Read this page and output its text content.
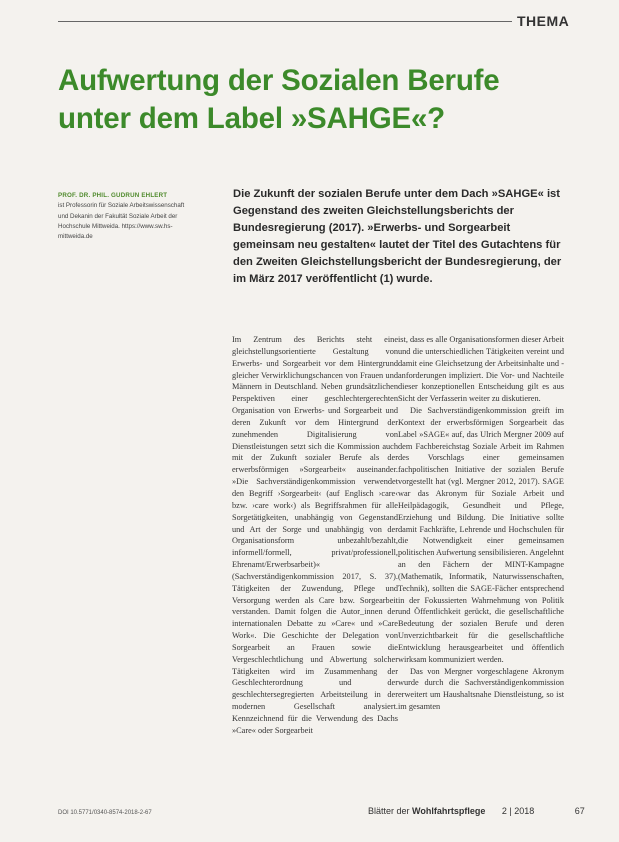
THEMA
Aufwertung der Sozialen Berufe
unter dem Label »SAHGE«?
PROF. DR. PHIL. GUDRUN EHLERT
ist Professorin für Soziale Arbeitswissenschaft und Dekanin der Fakultät Soziale Arbeit der Hochschule Mittweida. https://www.sw.hs-mittweida.de

Die Zukunft der sozialen Berufe unter dem Dach »SAHGE« ist Gegenstand des zweiten Gleichstellungsberichts der Bundesregierung (2017). »Erwerbs- und Sorgearbeit gemeinsam neu gestalten« lautet der Titel des Gutachtens für den Zweiten Gleichstellungsbericht der Bundesregierung, der im März 2017 veröffentlicht (1) wurde.

Im Zentrum des Berichts steht eine gleichstellungsorientierte Gestaltung von Erwerbs- und Sorgearbeit vor dem Hintergrund gleicher Verwirklichungschancen von Frauen und Männern in Deutschland. Neben grundsätzlichen Perspektiven einer geschlechtergerechten Organisation von Erwerbs- und Sorgearbeit und deren Zukunft vor dem Hintergrund der zunehmenden Digitalisierung von Dienstleistungen setzt sich die Kommission auch mit der Zukunft sozialer Berufe als der erwerbsförmigen »Sorgearbeit« auseinander. »Die Sachverständigenkommission verwendet den Begriff ›Sorgearbeit‹ (auf Englisch ›care‹ bzw. ›care work‹) als Begriffsrahmen für alle Sorgetätigkeiten, unabhängig von Gegenstand und Art der Sorge und unabhängig von der Organisationsform unbezahlt/bezahlt, informell/formell, privat/professionell, Ehrenamt/Erwerbsarbeit)« (Sachverständigenkommission 2017, S. 37). Tätigkeiten der Zuwendung, Pflege und Versorgung werden als Care bzw. Sorgearbeit verstanden. Damit folgen die Autor_innen der internationalen Debatte zu »Care« und »Care Work«. Die Geschichte der Delegation von Sorgearbeit an Frauen sowie die Vergeschlechtlichung und Abwertung solcher Tätigkeiten wird im Zusammenhang der Geschlechterordnung und der geschlechtersegregierten Arbeitsteilung in der modernen Gesellschaft analysiert. Kennzeichnend für die Verwendung des Dachs »Care« oder Sorgearbeit

ist, dass es alle Organisationsformen dieser Arbeit und die unterschiedlichen Tätigkeiten vereint und damit eine Gleichsetzung der Arbeitsinhalte und -anforderungen impliziert. Die Vor- und Nachteile dieser konzeptionellen Entscheidung gilt es aus Sicht der Verfasserin weiter zu diskutieren.

Die Sachverständigenkommission greift im Kontext der erwerbsförmigen Sorgearbeit das Label »SAGE« auf, das Ulrich Mergner 2009 auf dem Fachbereichstag Soziale Arbeit im Rahmen des Vorschlags einer gemeinsamen fachpolitischen Initiative der sozialen Berufe vorgestellt hat (vgl. Mergner 2012, 2017). SAGE war das Akronym für Soziale Arbeit und Heilpädagogik, Gesundheit und Pflege, Erziehung und Bildung. Die Initiative sollte damit Fachkräfte, Lehrende und Hochschulen für die Notwendigkeit einer gemeinsamen politischen Aufwertung sensibilisieren. Angelehnt an den Fächern der MINT-Kampagne (Mathematik, Informatik, Naturwissenschaften, Technik), sollten die SAGE-Fächer entsprechend in der Fokussierten Wahrnehmung von Politik und Öffentlichkeit gerückt, die gesellschaftliche Bedeutung der sozialen Berufe und deren Unverzichtbarkeit für die gesellschaftliche Entwicklung herausgearbeitet und öffentlich wirksam kommuniziert werden.

Das von Mergner vorgeschlagene Akronym wurde durch die Sachverständigenkommission erweitert um Haushaltsnahe Dienstleistung, so ist im gesamten

DOI 10.5771/0340-8574-2018-2-67	Blätter der Wohlfahrtspflege 2 | 2018	67
